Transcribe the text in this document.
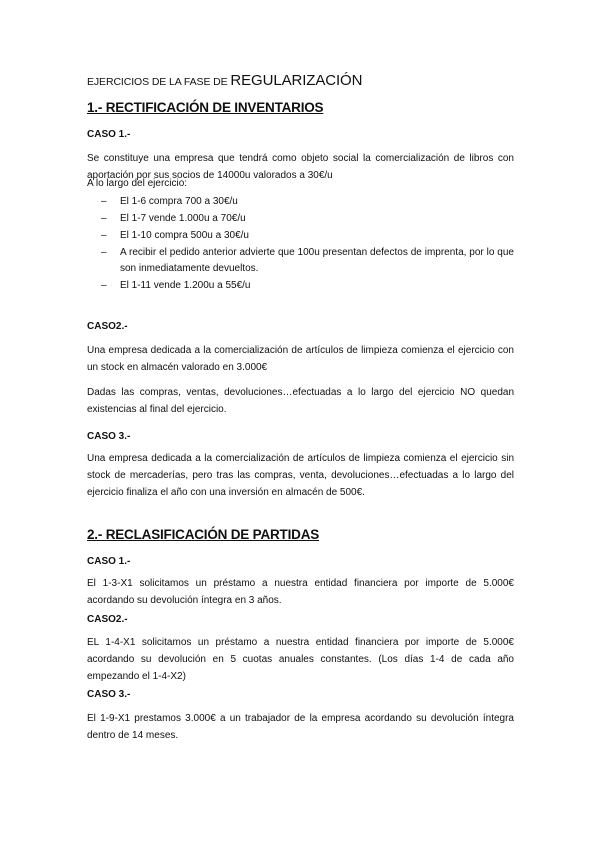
EJERCICIOS DE LA FASE DE REGULARIZACIÓN
1.- RECTIFICACIÓN DE INVENTARIOS
CASO 1.-
Se constituye una empresa que tendrá como objeto social la comercialización de libros con aportación por sus socios de 14000u valorados a 30€/u
A lo largo del ejercicio:
– El 1-6 compra 700 a 30€/u
– El 1-7 vende 1.000u a 70€/u
– El 1-10 compra 500u a 30€/u
– A recibir el pedido anterior advierte que 100u presentan defectos de imprenta, por lo que son inmediatamente devueltos.
– El 1-11 vende 1.200u a 55€/u
CASO2.-
Una empresa dedicada a la comercialización de artículos de limpieza comienza el ejercicio con un stock en almacén valorado en 3.000€
Dadas las compras, ventas, devoluciones…efectuadas a lo largo del ejercicio NO quedan existencias al final del ejercicio.
CASO 3.-
Una empresa dedicada a la comercialización de artículos de limpieza comienza el ejercicio sin stock de mercaderías, pero tras las compras, venta, devoluciones…efectuadas a lo largo del ejercicio finaliza el año con una inversión en almacén de 500€.
2.- RECLASIFICACIÓN DE PARTIDAS
CASO 1.-
El 1-3-X1 solicitamos un préstamo a nuestra entidad financiera por importe de 5.000€ acordando su devolución íntegra en 3 años.
CASO2.-
EL 1-4-X1 solicitamos un préstamo a nuestra entidad financiera por importe de 5.000€ acordando su devolución en 5 cuotas anuales constantes. (Los días 1-4 de cada año empezando el 1-4-X2)
CASO 3.-
El 1-9-X1 prestamos 3.000€ a un trabajador de la empresa acordando su devolución íntegra dentro de 14 meses.
